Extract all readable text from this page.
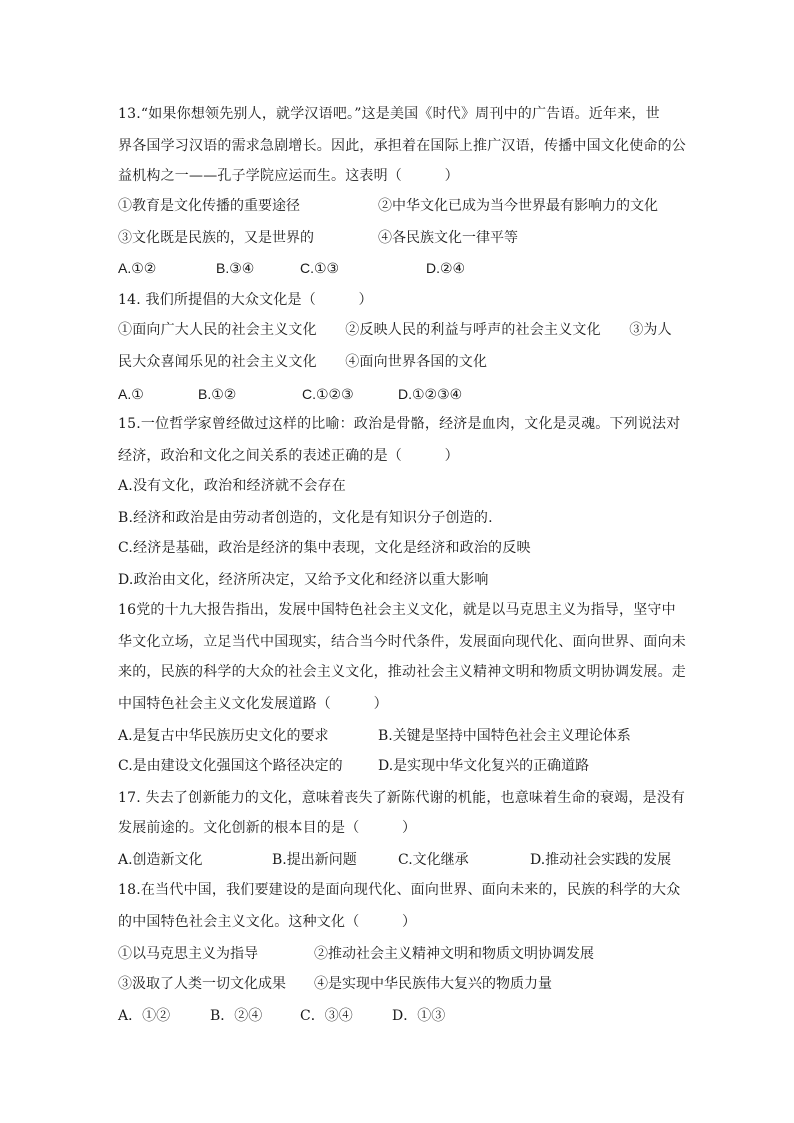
13.“如果你想领先别人，就学汉语吧。”这是美国《时代》周刊中的广告语。近年来，世
界各国学习汉语的需求急剧增长。因此，承担着在国际上推广汉语，传播中国文化使命的公
益机构之一——孔子学院应运而生。这表明（　　　）
①教育是文化传播的重要途径	②中华文化已成为当今世界最有影响力的文化
③文化既是民族的，又是世界的	④各民族文化一律平等
A.①②	B.③④	C.①③	D.②④
14. 我们所提倡的大众文化是（　　　）
①面向广大人民的社会主义文化　　②反映人民的利益与呼声的社会主义文化　　③为人
民大众喜闻乐见的社会主义文化　　④面向世界各国的文化
A.①	B.①②	C.①②③	D.①②③④
15.一位哲学家曾经做过这样的比喻：政治是骨骼，经济是血肉，文化是灵魂。下列说法对
经济，政治和文化之间关系的表述正确的是（　　　）
A.没有文化，政治和经济就不会存在
B.经济和政治是由劳动者创造的，文化是有知识分子创造的.
C.经济是基础，政治是经济的集中表现，文化是经济和政治的反映
D.政治由文化，经济所决定，又给予文化和经济以重大影响
16党的十九大报告指出，发展中国特色社会主义文化，就是以马克思主义为指导，坚守中
华文化立场，立足当代中国现实，结合当今时代条件，发展面向现代化、面向世界、面向未
来的，民族的科学的大众的社会主义文化，推动社会主义精神文明和物质文明协调发展。走
中国特色社会主义文化发展道路（　　　）
A.是复古中华民族历史文化的要求	B.关键是坚持中国特色社会主义理论体系
C.是由建设文化强国这个路径决定的	D.是实现中华文化复兴的正确道路
17. 失去了创新能力的文化，意味着丧失了新陈代谢的机能，也意味着生命的衰竭，是没有
发展前途的。文化创新的根本目的是（　　　）
A.创造新文化	B.提出新问题	C.文化继承	D.推动社会实践的发展
18.在当代中国，我们要建设的是面向现代化、面向世界、面向未来的，民族的科学的大众
的中国特色社会主义文化。这种文化（　　　）
①以马克思主义为指导	②推动社会主义精神文明和物质文明协调发展
③汲取了人类一切文化成果 ④是实现中华民族伟大复兴的物质力量
A．①②	B．②④	C．③④	D．①③
